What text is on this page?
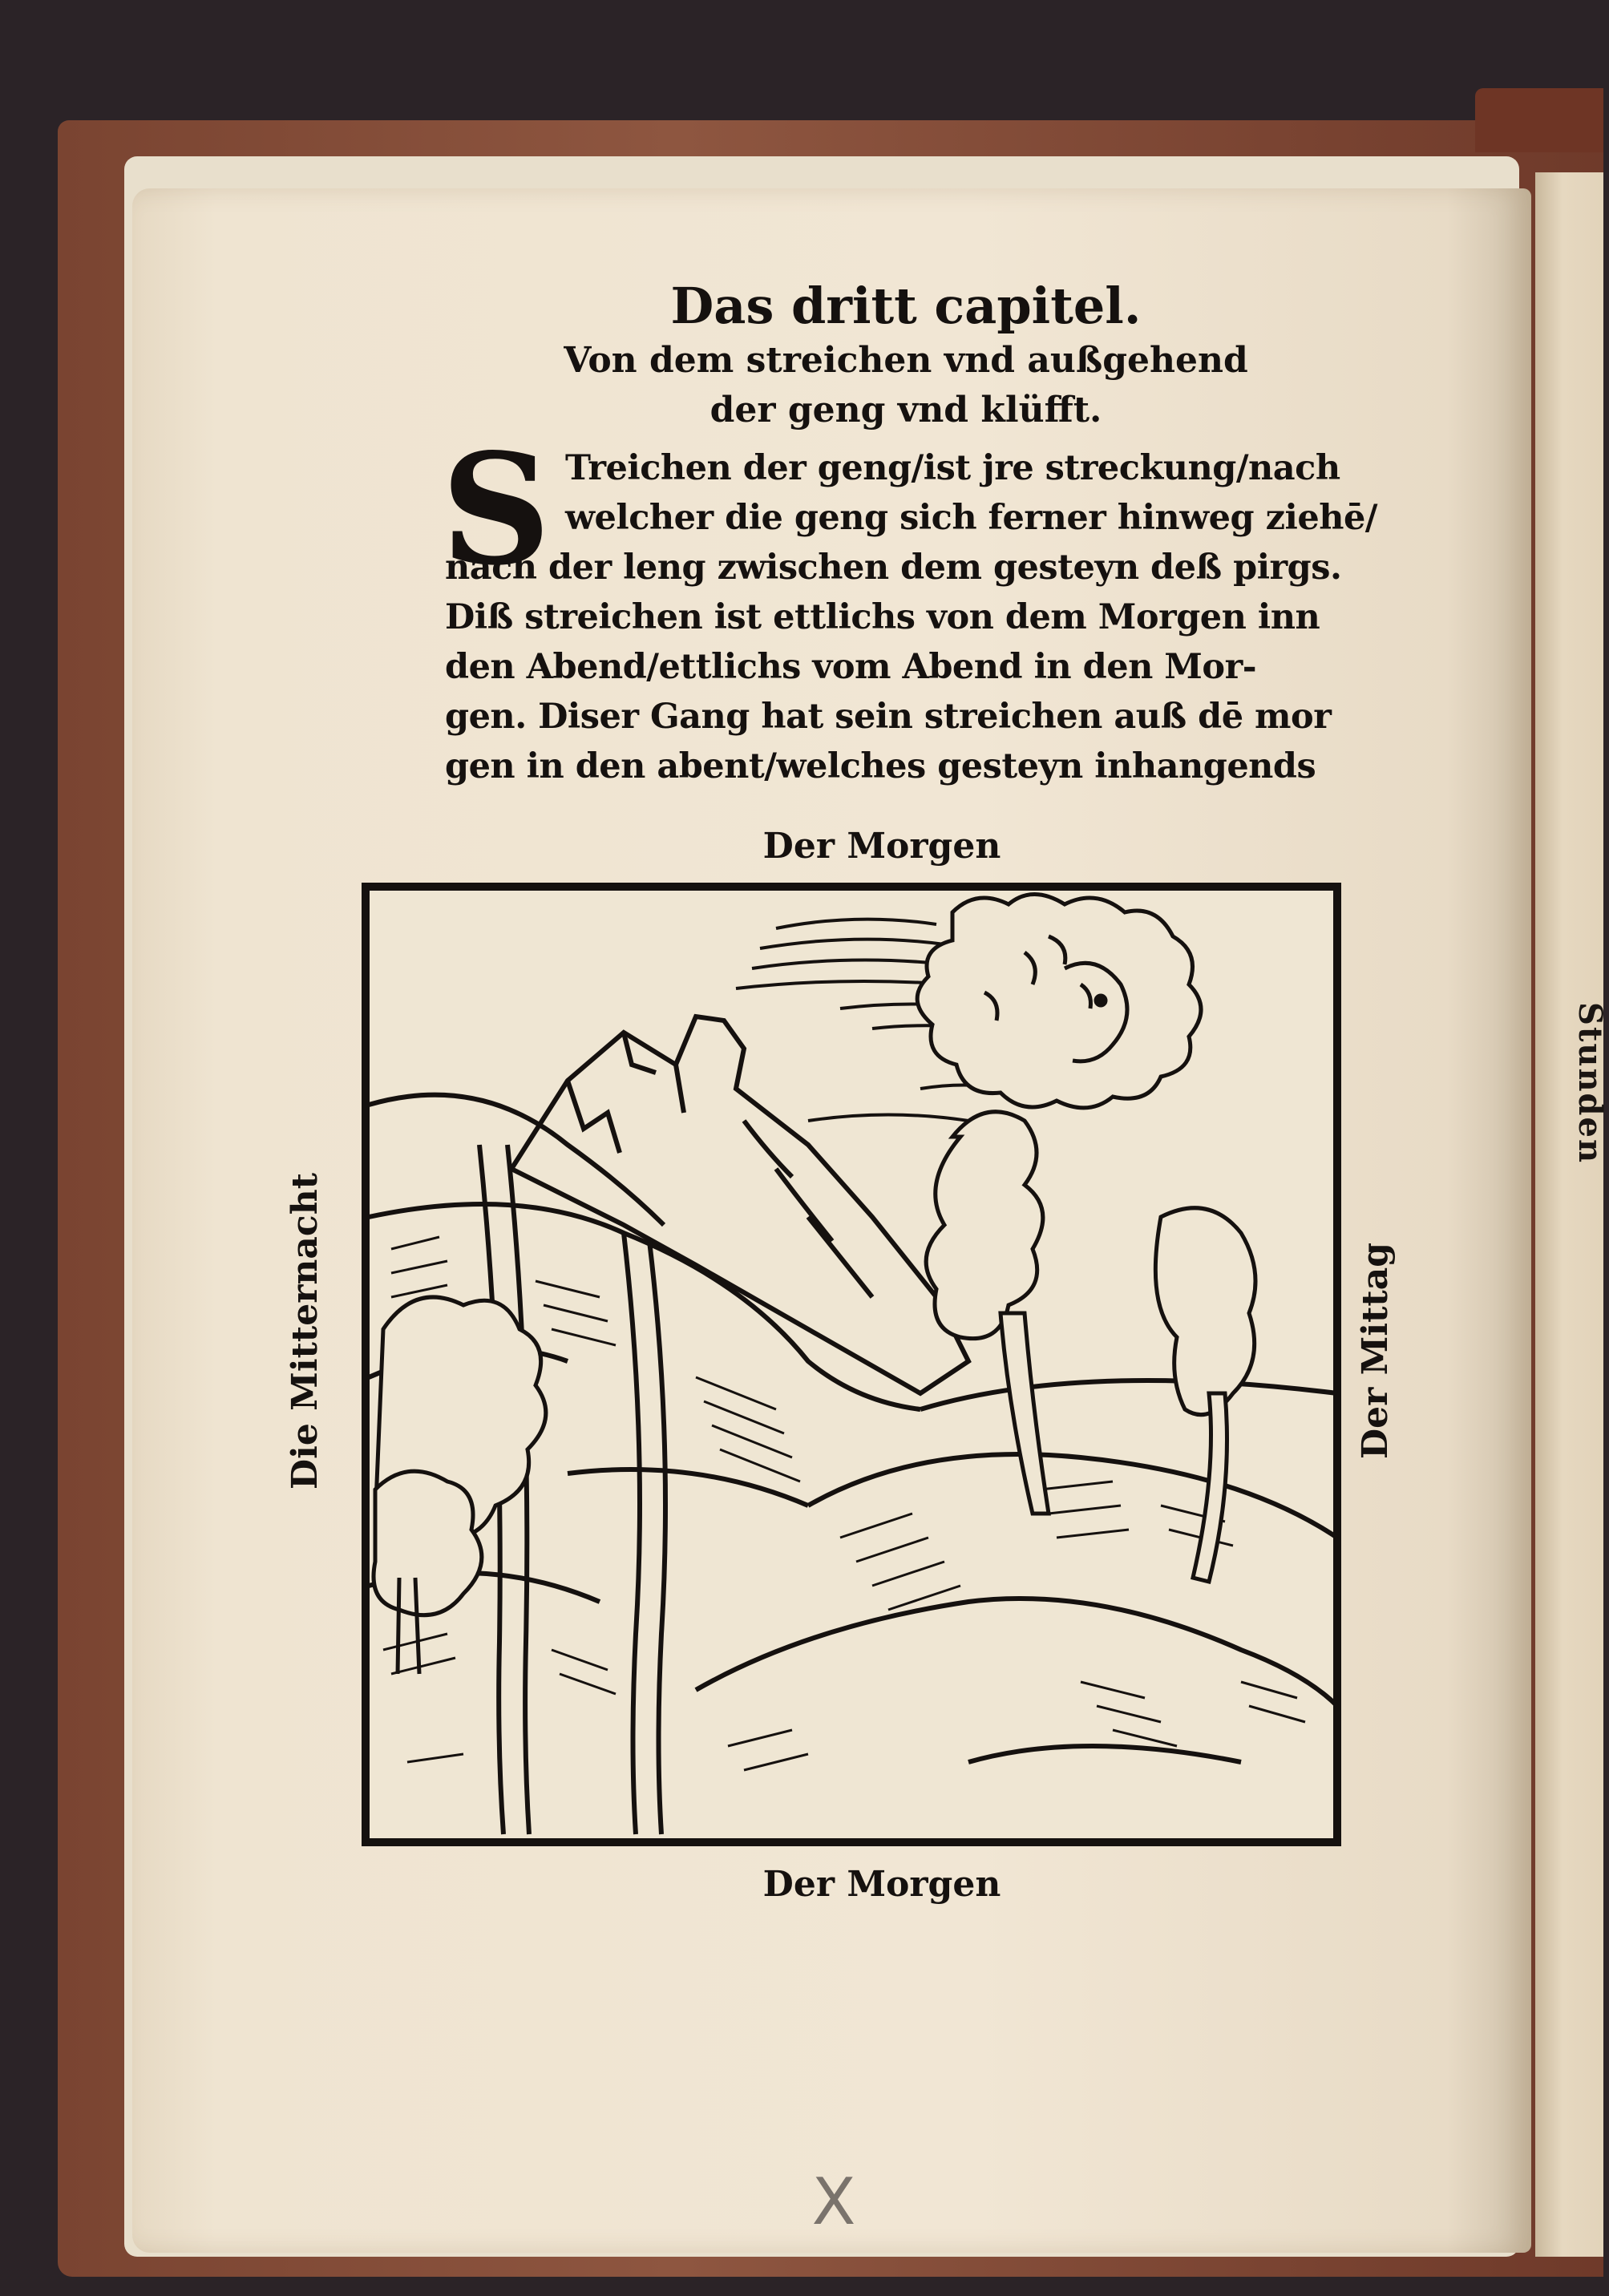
Stunden
Das dritt capitel.
Von dem streichen vnd außgehend
der geng vnd klüfft.
S Treichen der geng/ist jre streckung/nach
welcher die geng sich ferner hinweg ziehē/
nach der leng zwischen dem gesteyn deß pirgs.
Diß streichen ist ettlichs von dem Morgen inn
den Abend/ettlichs vom Abend in den Mor-
gen. Diser Gang hat sein streichen auß dē mor
gen in den abent/welches gesteyn inhangends
Der Morgen
Die Mitternacht	Der Mittag
Der Morgen
X
